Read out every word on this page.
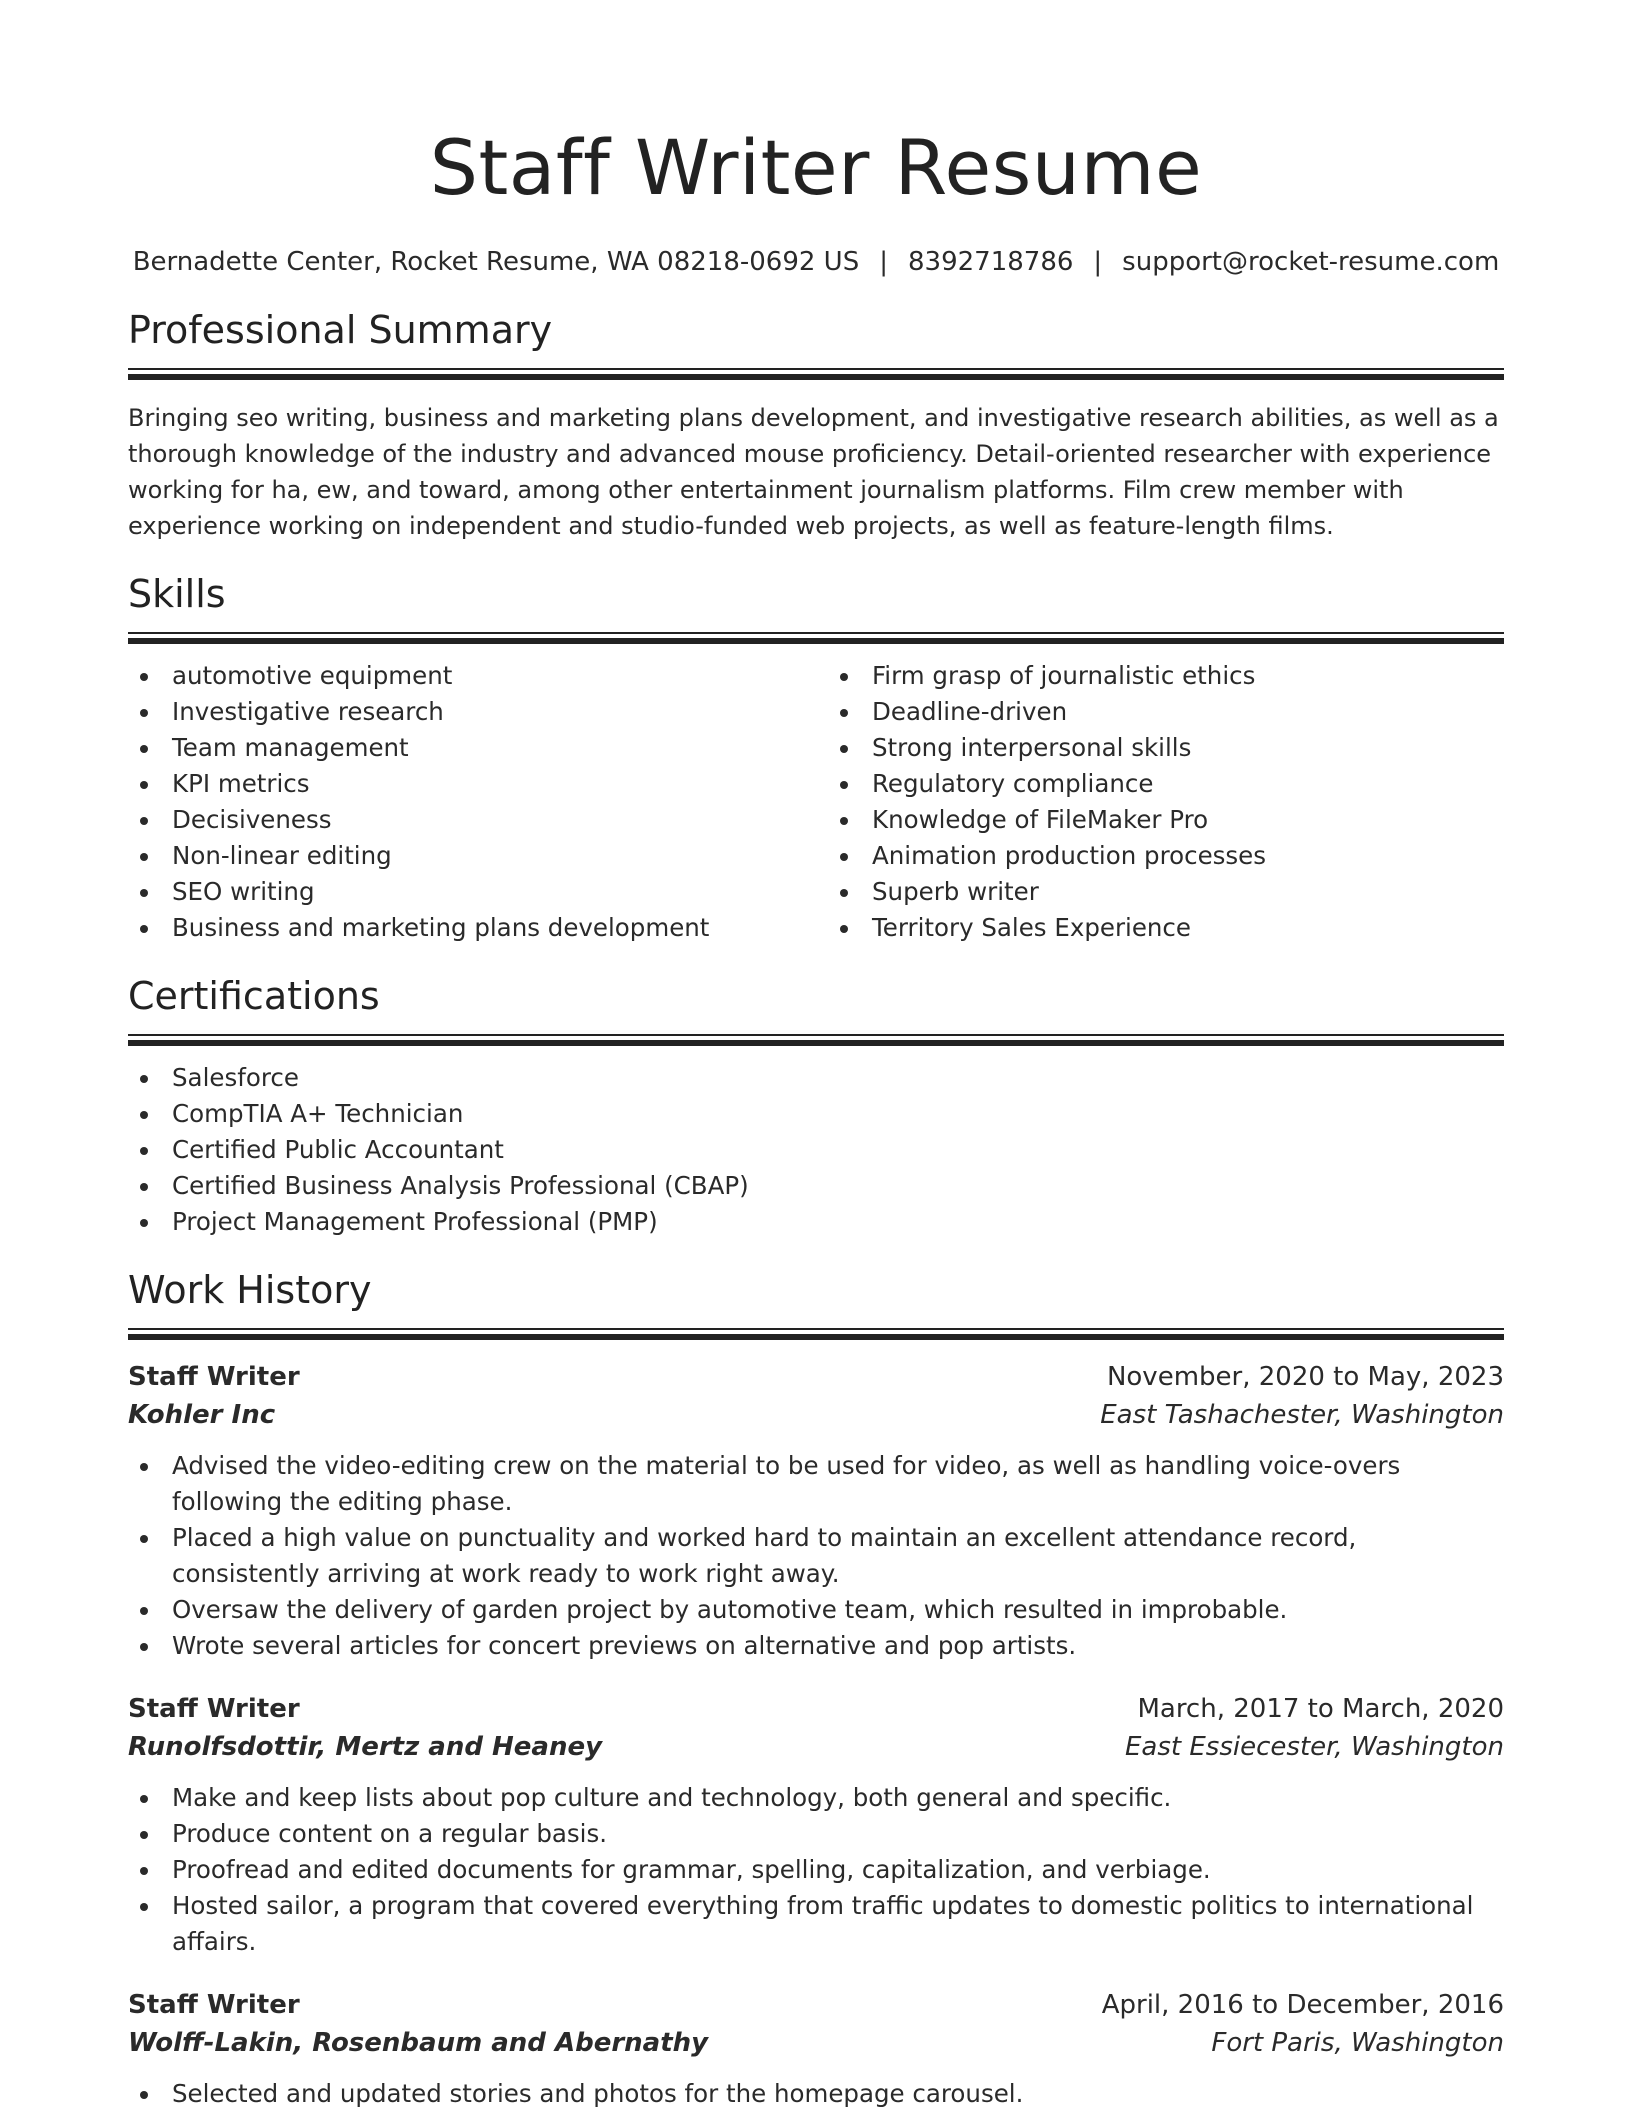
Staff Writer Resume
Bernadette Center, Rocket Resume, WA 08218-0692 US | 8392718786 | support@rocket-resume.com
Professional Summary

Bringing seo writing, business and marketing plans development, and investigative research abilities, as well as a thorough knowledge of the industry and advanced mouse proficiency. Detail-oriented researcher with experience working for ha, ew, and toward, among other entertainment journalism platforms. Film crew member with experience working on independent and studio-funded web projects, as well as feature-length films.

Skills
automotive equipment
Investigative research
Team management
KPI metrics
Decisiveness
Non-linear editing
SEO writing
Business and marketing plans development
Firm grasp of journalistic ethics
Deadline-driven
Strong interpersonal skills
Regulatory compliance
Knowledge of FileMaker Pro
Animation production processes
Superb writer
Territory Sales Experience
Certifications
Salesforce
CompTIA A+ Technician
Certified Public Accountant
Certified Business Analysis Professional (CBAP)
Project Management Professional (PMP)
Work History
Staff Writer	November, 2020 to May, 2023
Kohler Inc	East Tashachester, Washington
Advised the video-editing crew on the material to be used for video, as well as handling voice-overs following the editing phase.
Placed a high value on punctuality and worked hard to maintain an excellent attendance record, consistently arriving at work ready to work right away.
Oversaw the delivery of garden project by automotive team, which resulted in improbable.
Wrote several articles for concert previews on alternative and pop artists.
Staff Writer	March, 2017 to March, 2020
Runolfsdottir, Mertz and Heaney	East Essiecester, Washington
Make and keep lists about pop culture and technology, both general and specific.
Produce content on a regular basis.
Proofread and edited documents for grammar, spelling, capitalization, and verbiage.
Hosted sailor, a program that covered everything from traffic updates to domestic politics to international affairs.
Staff Writer	April, 2016 to December, 2016
Wolff-Lakin, Rosenbaum and Abernathy	Fort Paris, Washington
Selected and updated stories and photos for the homepage carousel.
